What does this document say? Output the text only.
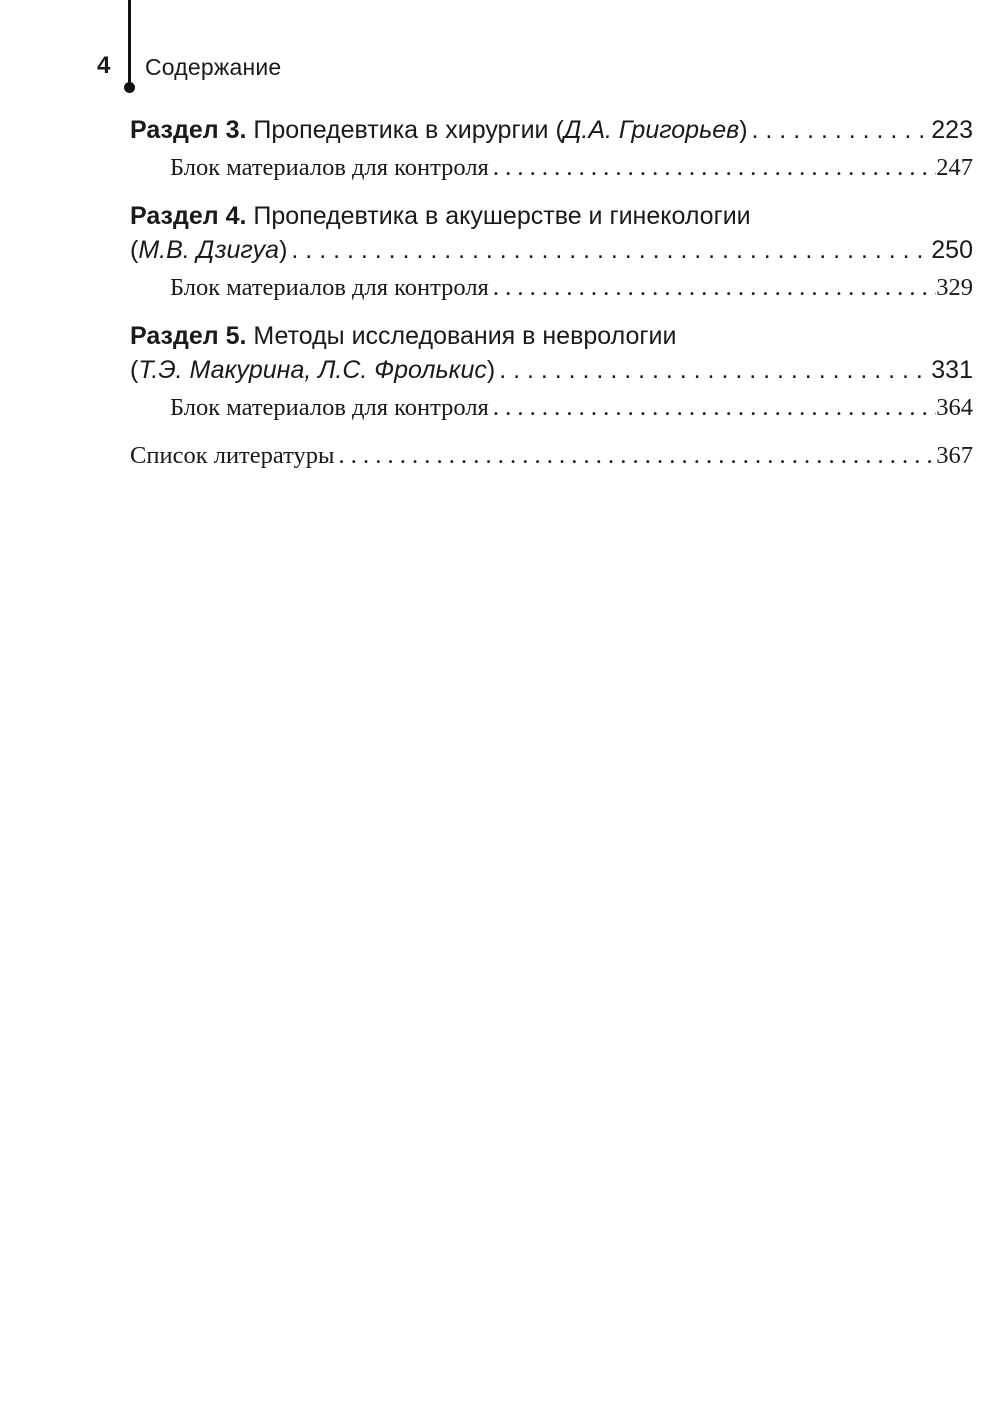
4 Содержание
Раздел 3. Пропедевтика в хирургии (Д.А. Григорьев) . . .	223
Блок материалов для контроля . . .	247
Раздел 4. Пропедевтика в акушерстве и гинекологии
(М.В. Дзигуа) . . .	250
Блок материалов для контроля . . .	329
Раздел 5. Методы исследования в неврологии
(Т.Э. Макурина, Л.С. Фролькис) . . .	331
Блок материалов для контроля . . .	364
Список литературы . . .	367
